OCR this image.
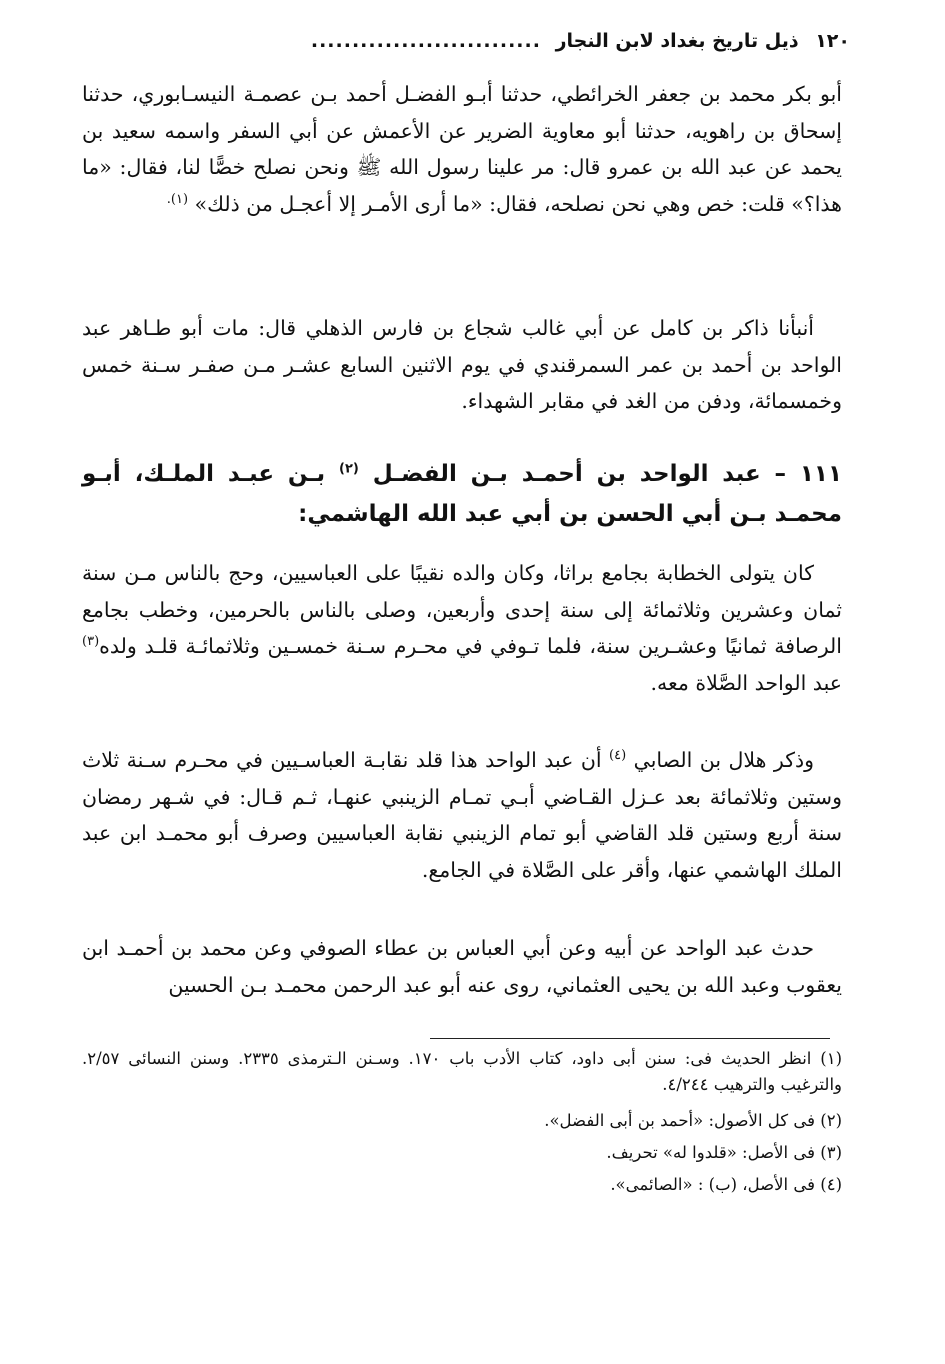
١٢٠ ذيل تاريخ بغداد لابن النجار ............................
أبو بكر محمد بن جعفر الخرائطي، حدثنا أبـو الفضـل أحمد بـن عصمـة النيسـابوري، حدثنا إسحاق بن راهويه، حدثنا أبو معاوية الضرير عن الأعمش عن أبي السفر واسمه سعيد بن يحمد عن عبد الله بن عمرو قال: مر علينا رسول الله ﷺ ونحن نصلح خصًّا لنا، فقال: «ما هذا؟» قلت: خص وهي نحن نصلحه، فقال: «ما أرى الأمـر إلا أعجـل من ذلك» $^{(١).}$
أنبأنا ذاكر بن كامل عن أبي غالب شجاع بن فارس الذهلي قال: مات أبو طـاهر عبد الواحد بن أحمد بن عمر السمرقندي في يوم الاثنين السابع عشـر مـن صفـر سـنة خمس وخمسمائة، ودفن من الغد في مقابر الشهداء.
١١١ – عبد الواحد بن أحمـد بـن الفضـل $^{(٢)}$ بـن عبـد الملـك، أبـو محمـد بـن أبي الحسن بن أبي عبد الله الهاشمي:
كان يتولى الخطابة بجامع براثا، وكان والده نقيبًا على العباسيين، وحج بالناس مـن سنة ثمان وعشرين وثلاثمائة إلى سنة إحدى وأربعين، وصلى بالناس بالحرمين، وخطب بجامع الرصافة ثمانيًا وعشـرين سنة، فلما تـوفي في محـرم سـنة خمسـين وثلاثمائـة قلـد ولده$^{(٣)}$ عبد الواحد الصَّلاة معه.
وذكر هلال بن الصابي $^{(٤)}$ أن عبد الواحد هذا قلد نقابـة العباسـيين في محـرم سـنة ثلاث وستين وثلاثمائة بعد عـزل القـاضي أبـي تمـام الزينبي عنهـا، ثـم قـال: في شـهر رمضان سنة أربع وستين قلد القاضي أبو تمام الزينبي نقابة العباسيين وصرف أبو محمـد ابن عبد الملك الهاشمي عنها، وأقر على الصَّلاة في الجامع.
حدث عبد الواحد عن أبيه وعن أبي العباس بن عطاء الصوفي وعن محمد بن أحمـد ابن يعقوب وعبد الله بن يحيى العثماني، روى عنه أبو عبد الرحمن محمـد بـن الحسين
(١) انظر الحديث فى: سنن أبى داود، كتاب الأدب باب ١٧٠. وسـنن الـترمذى ٢٣٣٥. وسنن النسائى ٢/٥٧. والترغيب والترهيب ٤/٢٤٤.
(٢) فى كل الأصول: «أحمد بن أبى الفضل».
(٣) فى الأصل: «قلدوا له» تحريف.
(٤) فى الأصل، (ب) : «الصائمى».
